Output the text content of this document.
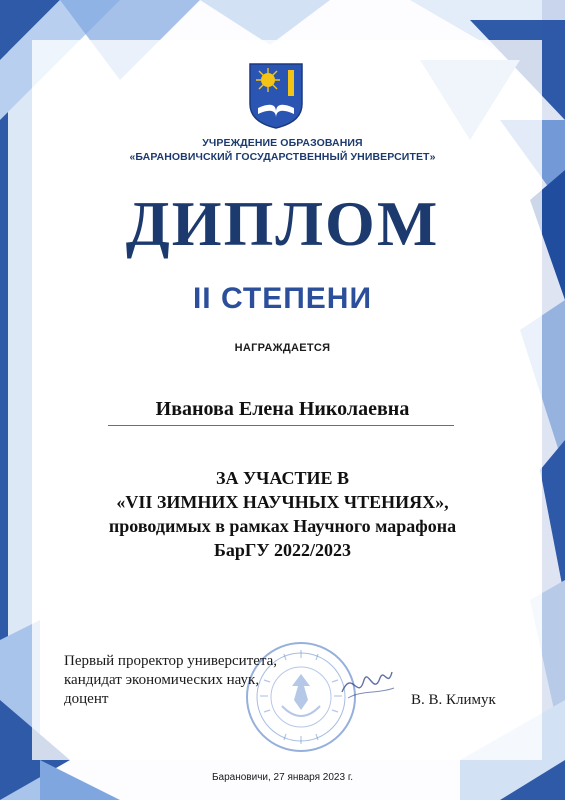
УЧРЕЖДЕНИЕ ОБРАЗОВАНИЯ
«БАРАНОВИЧСКИЙ ГОСУДАРСТВЕННЫЙ УНИВЕРСИТЕТ»
ДИПЛОМ
II СТЕПЕНИ
НАГРАЖДАЕТСЯ
Иванова Елена Николаевна
ЗА УЧАСТИЕ В
«VII ЗИМНИХ НАУЧНЫХ ЧТЕНИЯХ»,
проводимых в рамках Научного марафона
БарГУ 2022/2023
Первый проректор университета,
кандидат экономических наук,
доцент	В. В. Климук
Барановичи, 27 января 2023 г.
